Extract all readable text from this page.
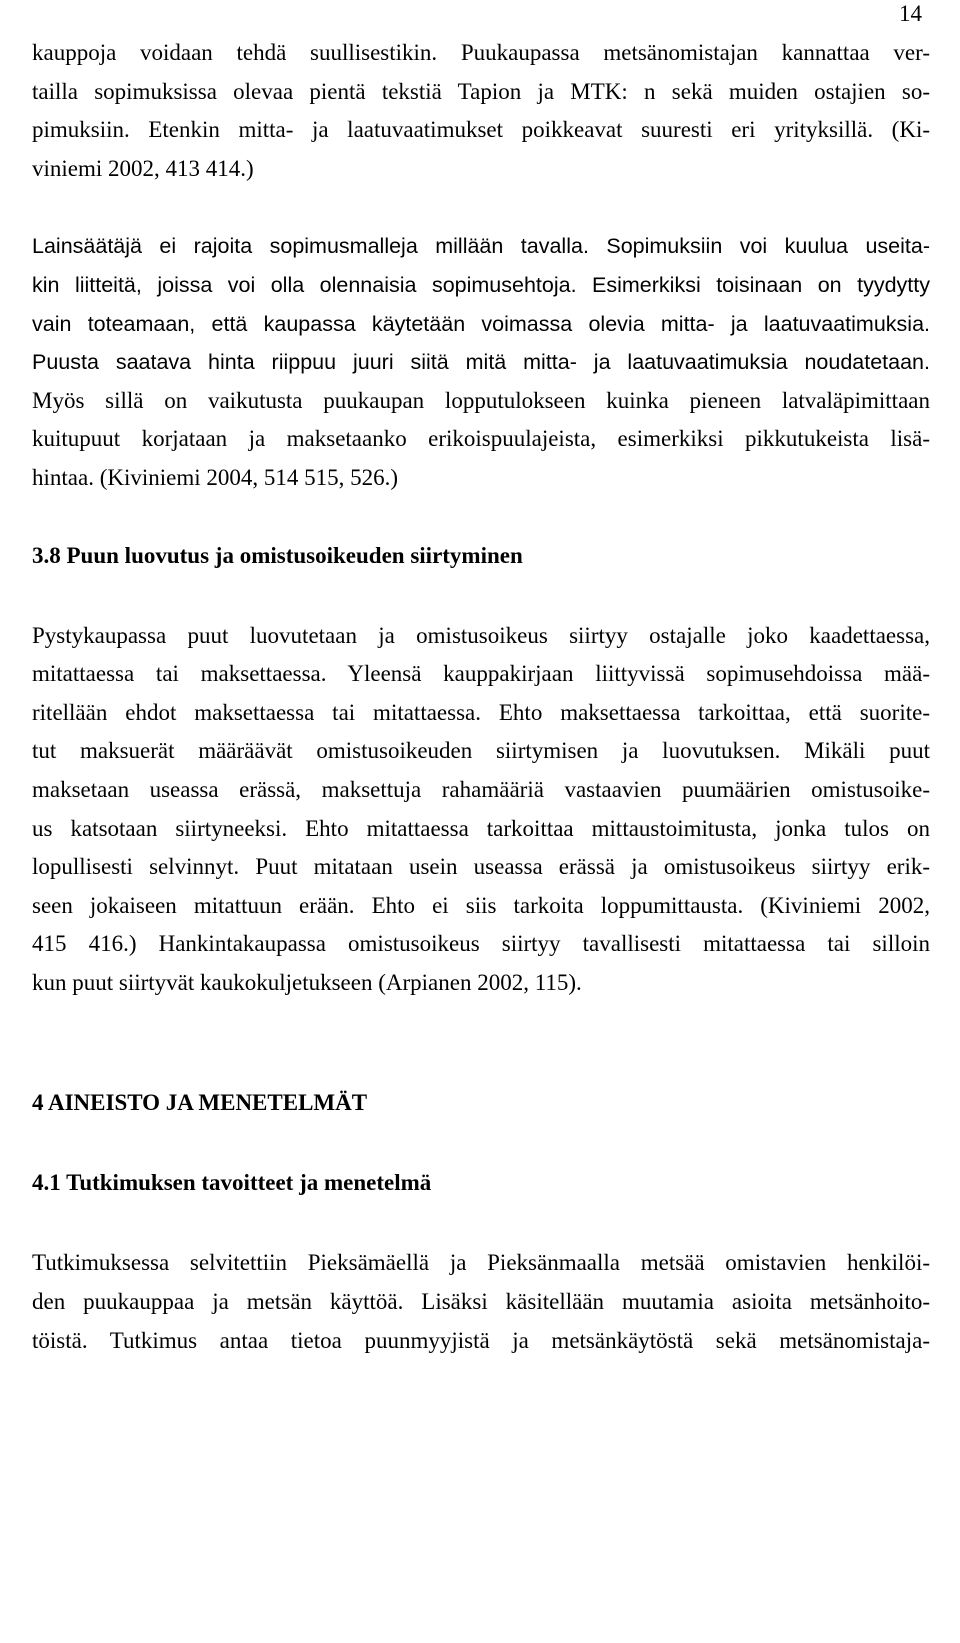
14
kauppoja voidaan tehdä suullisestikin. Puukaupassa metsänomistajan kannattaa ver-
tailla sopimuksissa olevaa pientä tekstiä Tapion ja MTK: n sekä muiden ostajien so-
pimuksiin. Etenkin mitta- ja laatuvaatimukset poikkeavat suuresti eri yrityksillä. (Ki-
viniemi 2002, 413 414.)
Lainsäätäjä ei rajoita sopimusmalleja millään tavalla. Sopimuksiin voi kuulua useita-
kin liitteitä, joissa voi olla olennaisia sopimusehtoja. Esimerkiksi toisinaan on tyydytty
vain toteamaan, että kaupassa käytetään voimassa olevia mitta- ja laatuvaatimuksia.
Puusta saatava hinta riippuu juuri siitä mitä mitta- ja laatuvaatimuksia noudatetaan.
Myös sillä on vaikutusta puukaupan lopputulokseen kuinka pieneen latvaläpimittaan
kuitupuut korjataan ja maksetaanko erikoispuulajeista, esimerkiksi pikkutukeista lisä-
hintaa. (Kiviniemi 2004, 514 515, 526.)
3.8 Puun luovutus ja omistusoikeuden siirtyminen
Pystykaupassa puut luovutetaan ja omistusoikeus siirtyy ostajalle joko kaadettaessa,
mitattaessa tai maksettaessa. Yleensä kauppakirjaan liittyvissä sopimusehdoissa mää-
ritellään ehdot maksettaessa tai mitattaessa. Ehto maksettaessa tarkoittaa, että suorite-
tut maksuerät määräävät omistusoikeuden siirtymisen ja luovutuksen. Mikäli puut
maksetaan useassa erässä, maksettuja rahamääriä vastaavien puumäärien omistusoike-
us katsotaan siirtyneeksi. Ehto mitattaessa tarkoittaa mittaustoimitusta, jonka tulos on
lopullisesti selvinnyt. Puut mitataan usein useassa erässä ja omistusoikeus siirtyy erik-
seen jokaiseen mitattuun erään. Ehto ei siis tarkoita loppumittausta. (Kiviniemi 2002,
415 416.) Hankintakaupassa omistusoikeus siirtyy tavallisesti mitattaessa tai silloin
kun puut siirtyvät kaukokuljetukseen (Arpianen 2002, 115).
4 AINEISTO JA MENETELMÄT
4.1 Tutkimuksen tavoitteet ja menetelmä
Tutkimuksessa selvitettiin Pieksämäellä ja Pieksänmaalla metsää omistavien henkilöi-
den puukauppaa ja metsän käyttöä. Lisäksi käsitellään muutamia asioita metsänhoito-
töistä. Tutkimus antaa tietoa puunmyyjistä ja metsänkäytöstä sekä metsänomistaja-
